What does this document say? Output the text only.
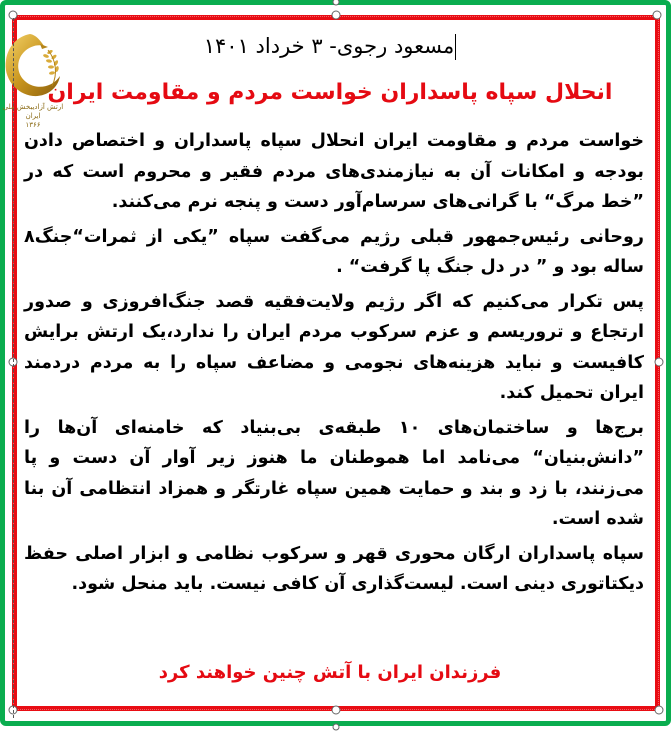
ارتش آزادیبخش ملی ایران
۱۳۶۶
مسعود رجوی- ۳ خرداد ۱۴۰۱
انحلال سپاه پاسداران خواست مردم و مقاومت ایران

خواست مردم و مقاومت ایران انحلال سپاه پاسداران و اختصاص دادن بودجه و امکانات آن به نیازمندی‌های مردم فقیر و محروم است که در ”خط مرگ“ با گرانی‌های سرسام‌آور دست و پنجه نرم می‌کنند.

روحانی رئیس‌جمهور قبلی رژیم می‌گفت سپاه ”یکی از ثمرات“جنگ۸ ساله بود و ” در دل جنگ پا گرفت“ .

پس تکرار می‌کنیم که اگر رژیم ولایت‌فقیه قصد جنگ‌افروزی و صدور ارتجاع و تروریسم و عزم سرکوب مردم ایران را ندارد،یک ارتش برایش کافیست و نباید هزینه‌های نجومی و مضاعف سپاه را به مردم دردمند ایران تحمیل کند.

برج‌ها و ساختمان‌های ۱۰ طبقه‌ی بی‌بنیاد که خامنه‌ای آن‌ها را ”دانش‌بنیان“ می‌نامد اما هموطنان ما هنوز زیر آوار آن دست و پا می‌زنند، با زد و بند و حمایت همین سپاه غارتگر و همزاد انتظامی آن بنا شده است.

سپاه پاسداران ارگان محوری قهر و سرکوب نظامی و ابزار اصلی حفظ دیکتاتوری دینی است. لیست‌گذاری آن کافی نیست. باید منحل شود.

فرزندان ایران با آتش چنین خواهند کرد
